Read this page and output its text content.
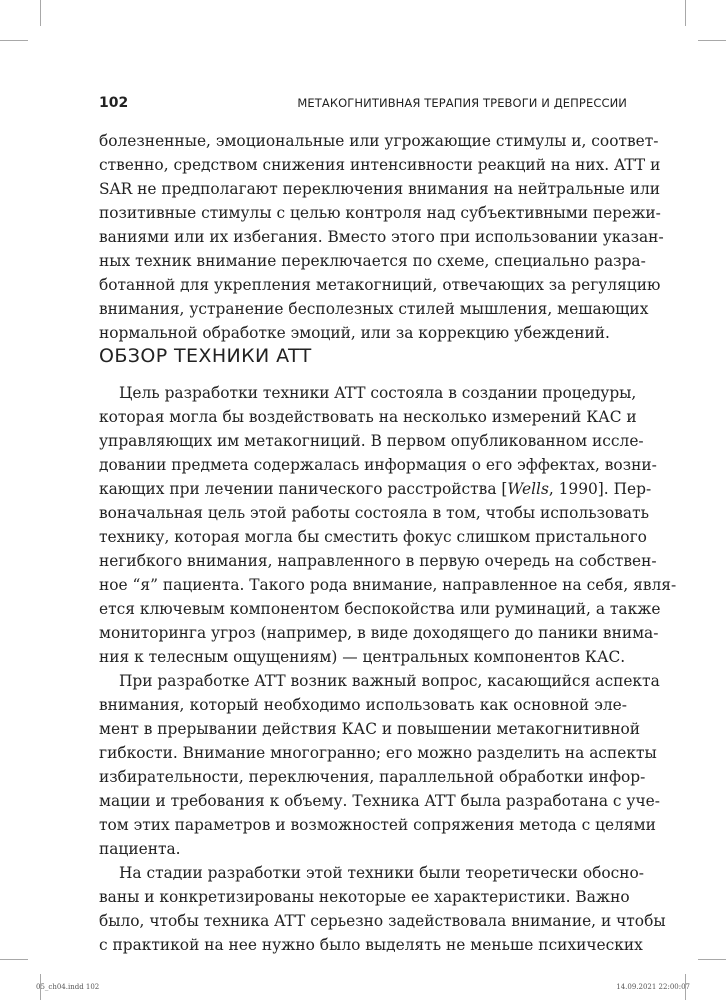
102	МЕТАКОГНИТИВНАЯ ТЕРАПИЯ ТРЕВОГИ И ДЕПРЕССИИ
болезненные, эмоциональные или угрожающие стимулы и, соответ-
ственно, средством снижения интенсивности реакций на них. ATT и
SAR не предполагают переключения внимания на нейтральные или
позитивные стимулы с целью контроля над субъективными пережи-
ваниями или их избегания. Вместо этого при использовании указан-
ных техник внимание переключается по схеме, специально разра-
ботанной для укрепления метакогниций, отвечающих за регуляцию
внимания, устранение бесполезных стилей мышления, мешающих
нормальной обработке эмоций, или за коррекцию убеждений.
ОБЗОР ТЕХНИКИ ATT
Цель разработки техники ATT состояла в создании процедуры,
которая могла бы воздействовать на несколько измерений КАС и
управляющих им метакогниций. В первом опубликованном иссле-
довании предмета содержалась информация о его эффектах, возни-
кающих при лечении панического расстройства [Wells, 1990]. Пер-
воначальная цель этой работы состояла в том, чтобы использовать
технику, которая могла бы сместить фокус слишком пристального
негибкого внимания, направленного в первую очередь на собствен-
ное “я” пациента. Такого рода внимание, направленное на себя, явля-
ется ключевым компонентом беспокойства или руминаций, а также
мониторинга угроз (например, в виде доходящего до паники внима-
ния к телесным ощущениям) — центральных компонентов КАС.
При разработке ATT возник важный вопрос, касающийся аспекта
внимания, который необходимо использовать как основной эле-
мент в прерывании действия КАС и повышении метакогнитивной
гибкости. Внимание многогранно; его можно разделить на аспекты
избирательности, переключения, параллельной обработки инфор-
мации и требования к объему. Техника ATT была разработана с уче-
том этих параметров и возможностей сопряжения метода с целями
пациента.
На стадии разработки этой техники были теоретически обосно-
ваны и конкретизированы некоторые ее характеристики. Важно
было, чтобы техника ATT серьезно задействовала внимание, и чтобы
с практикой на нее нужно было выделять не меньше психических
05_ch04.indd 102	14.09.2021 22:00:07
